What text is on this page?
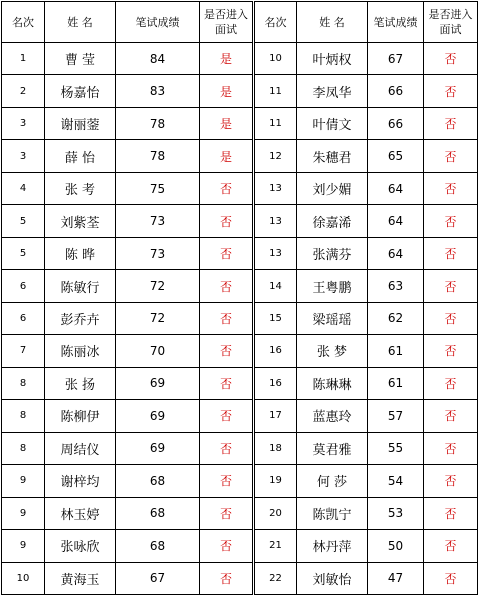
名次	姓 名	笔试成绩	是否进入面试	名次	姓 名	笔试成绩	是否进入面试
1	曹 莹	84	是	10	叶炳权	67	否
2	杨嘉怡	83	是	11	李凤华	66	否
3	谢丽蓥	78	是	11	叶倩文	66	否
3	薛 怡	78	是	12	朱穗君	65	否
4	张 考	75	否	13	刘少媚	64	否
5	刘紫荃	73	否	13	徐嘉浠	64	否
5	陈 晔	73	否	13	张满芬	64	否
6	陈敏行	72	否	14	王粤鹏	63	否
6	彭乔卉	72	否	15	梁瑶瑶	62	否
7	陈丽冰	70	否	16	张 梦	61	否
8	张 扬	69	否	16	陈琳琳	61	否
8	陈柳伊	69	否	17	蓝惠玲	57	否
8	周结仪	69	否	18	莫君雅	55	否
9	谢梓均	68	否	19	何 莎	54	否
9	林玉婷	68	否	20	陈凯宁	53	否
9	张咏欣	68	否	21	林丹萍	50	否
10	黄海玉	67	否	22	刘敏怡	47	否
